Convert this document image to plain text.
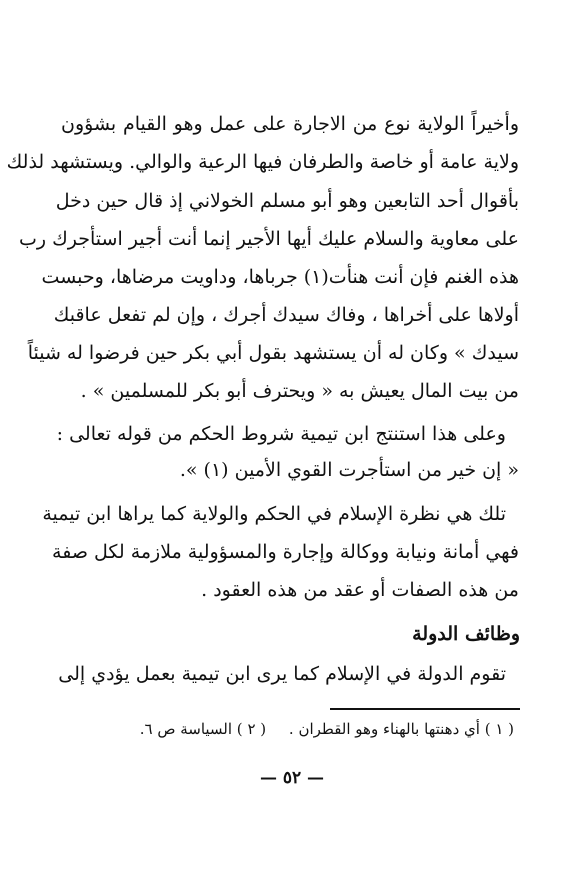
وأخيراً الولاية نوع من الاجارة على عمل وهو القيام بشؤون
ولاية عامة أو خاصة والطرفان فيها الرعية والوالي. ويستشهد لذلك
بأقوال أحد التابعين وهو أبو مسلم الخولاني إذ قال حين دخل
على معاوية والسلام عليك أيها الأجير إنما أنت أجير استأجرك رب
هذه الغنم فإن أنت هنأت(١) جرباها، وداويت مرضاها، وحبست
أولاها على أخراها ، وفاك سيدك أجرك ، وإن لم تفعل عاقبك
سيدك » وكان له أن يستشهد بقول أبي بكر حين فرضوا له شيئاً
من بيت المال يعيش به « ويحترف أبو بكر للمسلمين » .
وعلى هذا استنتج ابن تيمية شروط الحكم من قوله تعالى :
« إن خير من استأجرت القوي الأمين (١) ».
تلك هي نظرة الإسلام في الحكم والولاية كما يراها ابن تيمية
فهي أمانة ونيابة ووكالة وإجارة والمسؤولية ملازمة لكل صفة
من هذه الصفات أو عقد من هذه العقود .
وظائف الدولة
تقوم الدولة في الإسلام كما يرى ابن تيمية بعمل يؤدي إلى
( ١ ) أي دهنتها بالهناء وهو القطران . ( ٢ ) السياسة ص ٦.
— ٥٢ —
